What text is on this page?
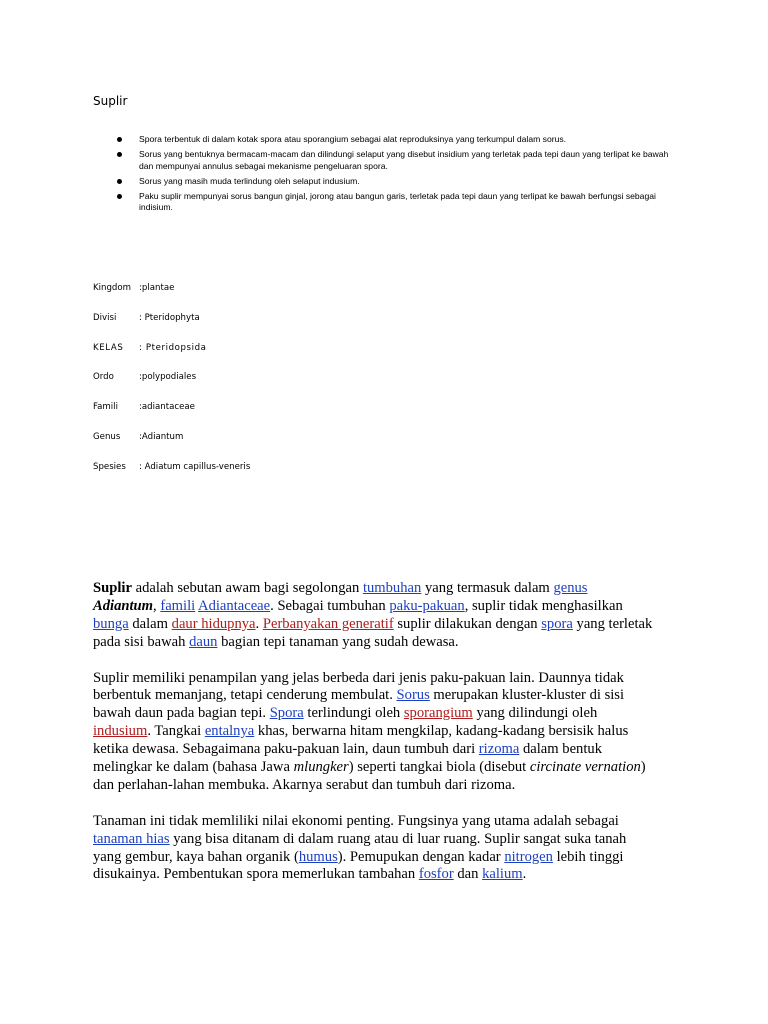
Suplir
Spora terbentuk di dalam kotak spora atau sporangium sebagai alat reproduksinya yang terkumpul dalam sorus.
Sorus yang bentuknya bermacam-macam dan dilindungi selaput yang disebut insidium yang terletak pada tepi daun yang terlipat ke bawah dan mempunyai annulus sebagai mekanisme pengeluaran spora.
Sorus yang masih muda terlindung oleh selaput indusium.
Paku suplir mempunyai sorus bangun ginjal, jorong atau bangun garis, terletak pada tepi daun yang terlipat ke bawah berfungsi sebagai indisium.
Kingdom :plantae
Divisi	: Pteridophyta
KELAS : Pteridopsida
Ordo	:polypodiales
Famili :adiantaceae
Genus :Adiantum
Spesies : Adiatum capillus-veneris

Suplir adalah sebutan awam bagi segolongan tumbuhan yang termasuk dalam genus Adiantum, famili Adiantaceae. Sebagai tumbuhan paku-pakuan, suplir tidak menghasilkan bunga dalam daur hidupnya. Perbanyakan generatif suplir dilakukan dengan spora yang terletak pada sisi bawah daun bagian tepi tanaman yang sudah dewasa.

Suplir memiliki penampilan yang jelas berbeda dari jenis paku-pakuan lain. Daunnya tidak berbentuk memanjang, tetapi cenderung membulat. Sorus merupakan kluster-kluster di sisi bawah daun pada bagian tepi. Spora terlindungi oleh sporangium yang dilindungi oleh indusium. Tangkai entalnya khas, berwarna hitam mengkilap, kadang-kadang bersisik halus ketika dewasa. Sebagaimana paku-pakuan lain, daun tumbuh dari rizoma dalam bentuk melingkar ke dalam (bahasa Jawa mlungker) seperti tangkai biola (disebut circinate vernation) dan perlahan-lahan membuka. Akarnya serabut dan tumbuh dari rizoma.

Tanaman ini tidak memliliki nilai ekonomi penting. Fungsinya yang utama adalah sebagai tanaman hias yang bisa ditanam di dalam ruang atau di luar ruang. Suplir sangat suka tanah yang gembur, kaya bahan organik (humus). Pemupukan dengan kadar nitrogen lebih tinggi disukainya. Pembentukan spora memerlukan tambahan fosfor dan kalium.
